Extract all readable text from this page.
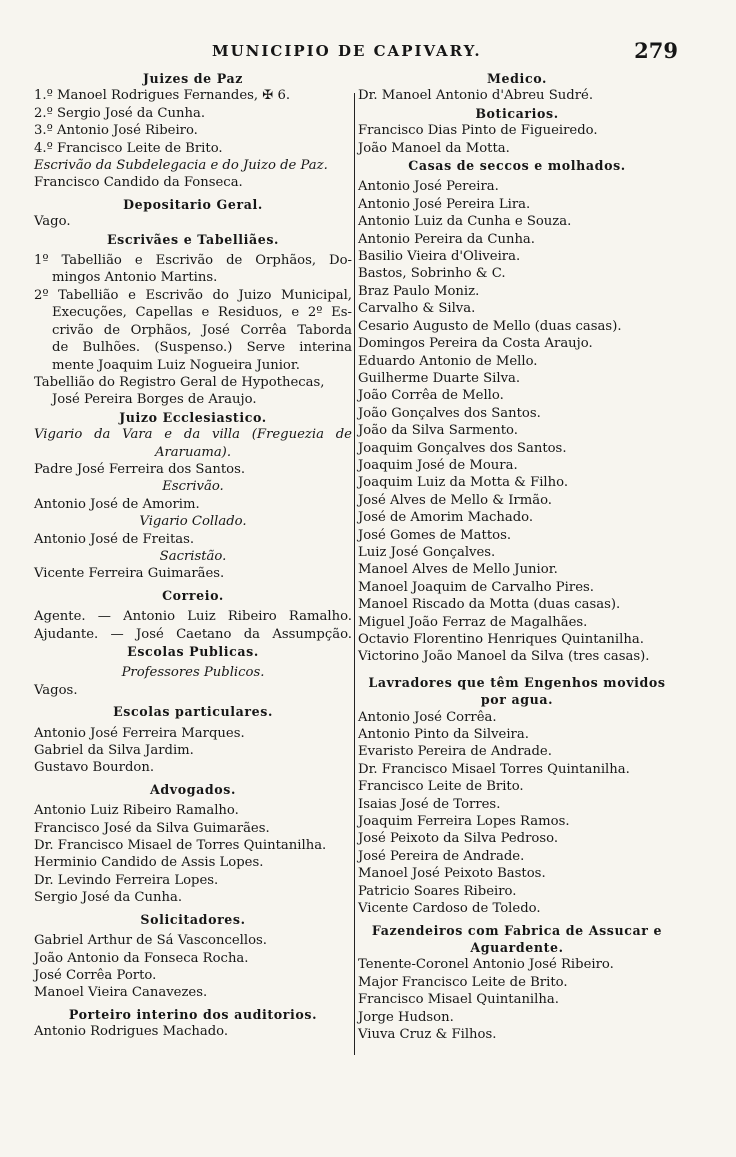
MUNICIPIO DE CAPIVARY.	279
Juizes de Paz
1.º Manoel Rodrigues Fernandes, ✠ 6.
2.º Sergio José da Cunha.
3.º Antonio José Ribeiro.
4.º Francisco Leite de Brito.
Escrivão da Subdelegacia e do Juizo de Paz.
Francisco Candido da Fonseca.
Depositario Geral.
Vago.
Escrivães e Tabelliães.
1º Tabellião e Escrivão de Orphãos, Do-
mingos Antonio Martins.
2º Tabellião e Escrivão do Juizo Municipal,
Execuções, Capellas e Residuos, e 2º Es-
crivão de Orphãos, José Corrêa Taborda
de Bulhões. (Suspenso.) Serve interina
mente Joaquim Luiz Nogueira Junior.
Tabellião do Registro Geral de Hypothecas,
José Pereira Borges de Araujo.
Juizo Ecclesiastico.
Vigario da Vara e da villa (Freguezia de
Araruama).
Padre José Ferreira dos Santos.
Escrivão.
Antonio José de Amorim.
Vigario Collado.
Antonio José de Freitas.
Sacristão.
Vicente Ferreira Guimarães.
Correio.
Agente. — Antonio Luiz Ribeiro Ramalho.
Ajudante. — José Caetano da Assumpção.
Escolas Publicas.
Professores Publicos.
Vagos.
Escolas particulares.
Antonio José Ferreira Marques.
Gabriel da Silva Jardim.
Gustavo Bourdon.
Advogados.
Antonio Luiz Ribeiro Ramalho.
Francisco José da Silva Guimarães.
Dr. Francisco Misael de Torres Quintanilha.
Herminio Candido de Assis Lopes.
Dr. Levindo Ferreira Lopes.
Sergio José da Cunha.
Solicitadores.
Gabriel Arthur de Sá Vasconcellos.
João Antonio da Fonseca Rocha.
José Corrêa Porto.
Manoel Vieira Canavezes.
Porteiro interino dos auditorios.
Antonio Rodrigues Machado.
Medico.
Dr. Manoel Antonio d'Abreu Sudré.
Boticarios.
Francisco Dias Pinto de Figueiredo.
João Manoel da Motta.
Casas de seccos e molhados.
Antonio José Pereira.
Antonio José Pereira Lira.
Antonio Luiz da Cunha e Souza.
Antonio Pereira da Cunha.
Basilio Vieira d'Oliveira.
Bastos, Sobrinho & C.
Braz Paulo Moniz.
Carvalho & Silva.
Cesario Augusto de Mello (duas casas).
Domingos Pereira da Costa Araujo.
Eduardo Antonio de Mello.
Guilherme Duarte Silva.
João Corrêa de Mello.
João Gonçalves dos Santos.
João da Silva Sarmento.
Joaquim Gonçalves dos Santos.
Joaquim José de Moura.
Joaquim Luiz da Motta & Filho.
José Alves de Mello & Irmão.
José de Amorim Machado.
José Gomes de Mattos.
Luiz José Gonçalves.
Manoel Alves de Mello Junior.
Manoel Joaquim de Carvalho Pires.
Manoel Riscado da Motta (duas casas).
Miguel João Ferraz de Magalhães.
Octavio Florentino Henriques Quintanilha.
Victorino João Manoel da Silva (tres casas).
Lavradores que têm Engenhos movidos
por agua.
Antonio José Corrêa.
Antonio Pinto da Silveira.
Evaristo Pereira de Andrade.
Dr. Francisco Misael Torres Quintanilha.
Francisco Leite de Brito.
Isaias José de Torres.
Joaquim Ferreira Lopes Ramos.
José Peixoto da Silva Pedroso.
José Pereira de Andrade.
Manoel José Peixoto Bastos.
Patricio Soares Ribeiro.
Vicente Cardoso de Toledo.
Fazendeiros com Fabrica de Assucar e
Aguardente.
Tenente-Coronel Antonio José Ribeiro.
Major Francisco Leite de Brito.
Francisco Misael Quintanilha.
Jorge Hudson.
Viuva Cruz & Filhos.
